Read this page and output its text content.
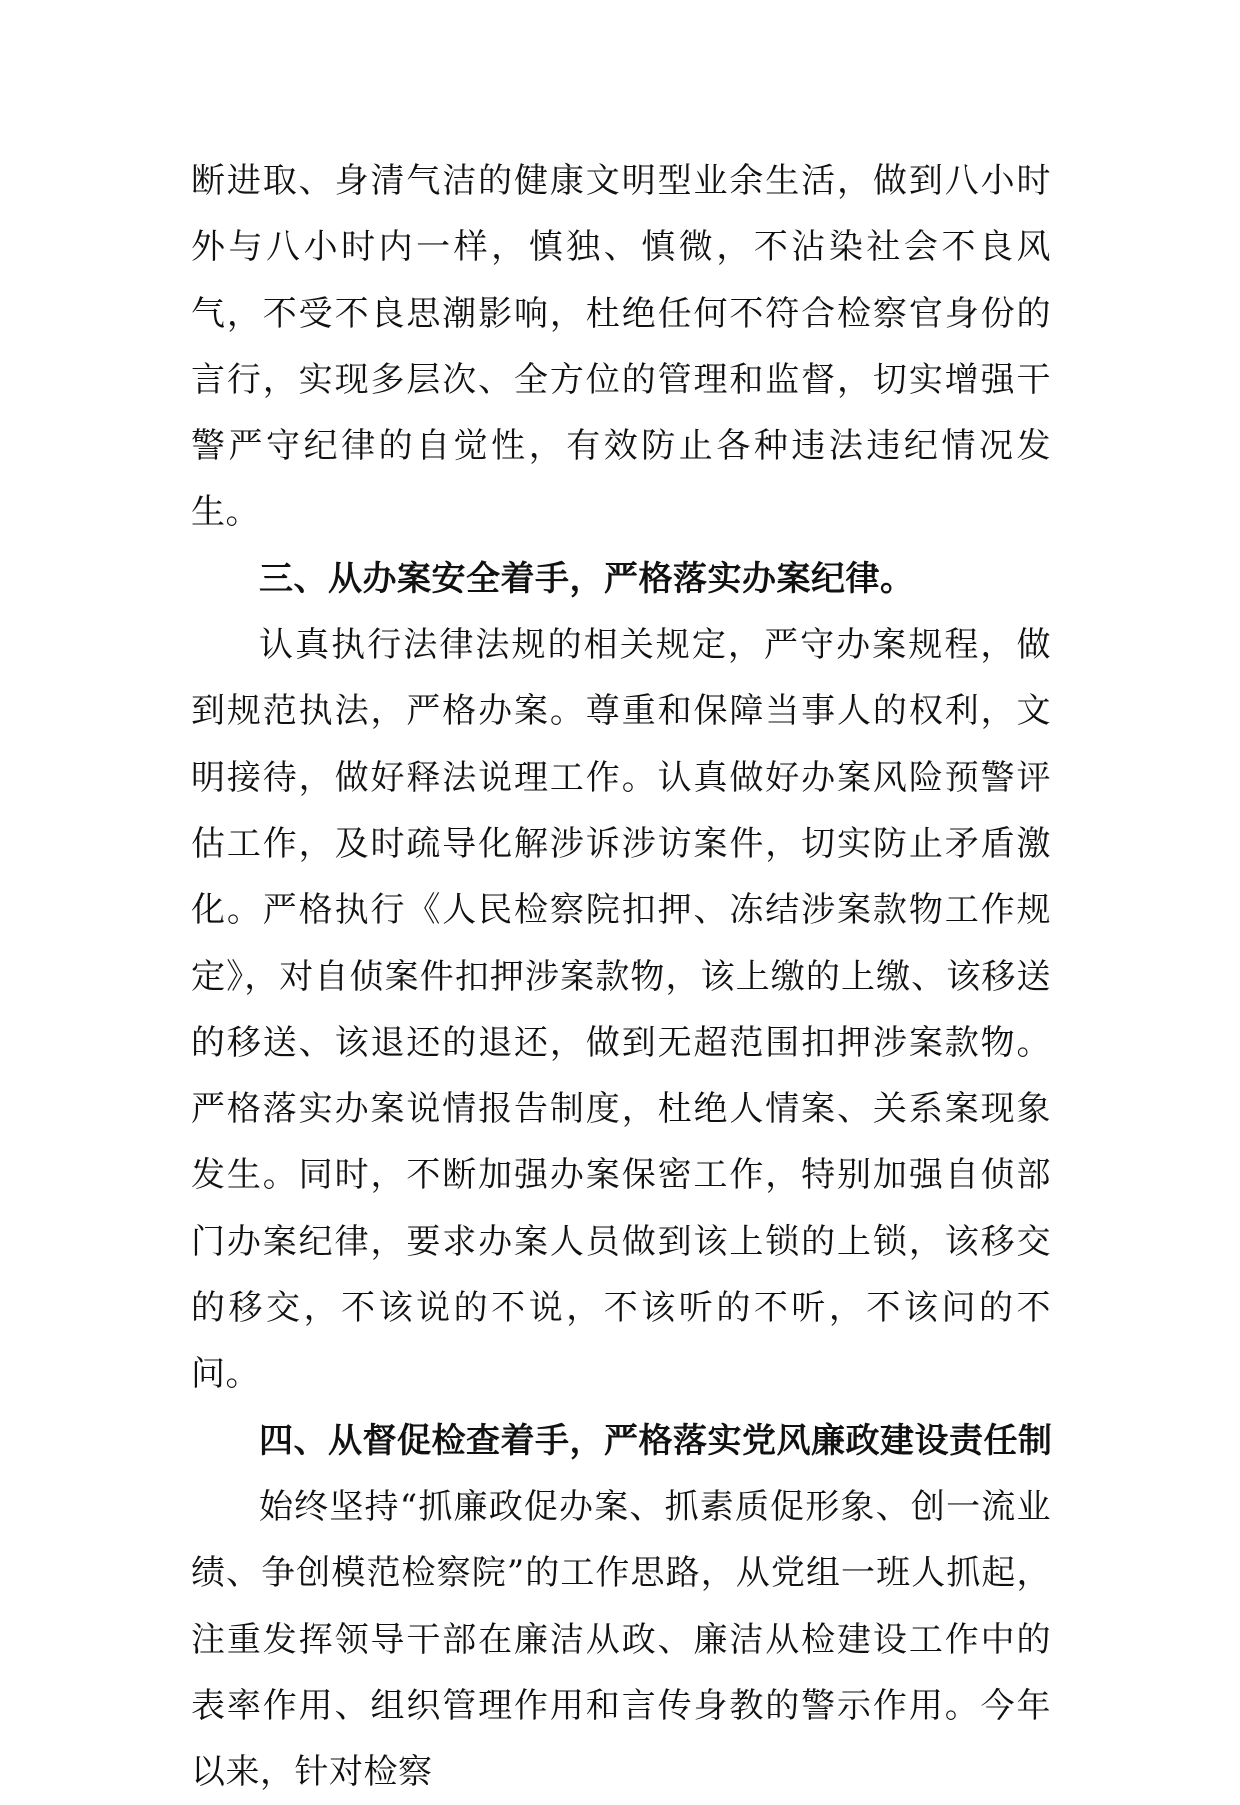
断进取、身清气洁的健康文明型业余生活，做到八小时外与八小时内一样，慎独、慎微，不沾染社会不良风气，不受不良思潮影响，杜绝任何不符合检察官身份的言行，实现多层次、全方位的管理和监督，切实增强干警严守纪律的自觉性，有效防止各种违法违纪情况发生。

三、从办案安全着手，严格落实办案纪律。

认真执行法律法规的相关规定，严守办案规程，做到规范执法，严格办案。尊重和保障当事人的权利，文明接待，做好释法说理工作。认真做好办案风险预警评估工作，及时疏导化解涉诉涉访案件，切实防止矛盾激化。严格执行《人民检察院扣押、冻结涉案款物工作规定》，对自侦案件扣押涉案款物，该上缴的上缴、该移送的移送、该退还的退还，做到无超范围扣押涉案款物。严格落实办案说情报告制度，杜绝人情案、关系案现象发生。同时，不断加强办案保密工作，特别加强自侦部门办案纪律，要求办案人员做到该上锁的上锁，该移交的移交，不该说的不说，不该听的不听，不该问的不问。

四、从督促检查着手，严格落实党风廉政建设责任制

始终坚持“抓廉政促办案、抓素质促形象、创一流业绩、争创模范检察院”的工作思路，从党组一班人抓起，注重发挥领导干部在廉洁从政、廉洁从检建设工作中的表率作用、组织管理作用和言传身教的警示作用。今年以来，针对检察
